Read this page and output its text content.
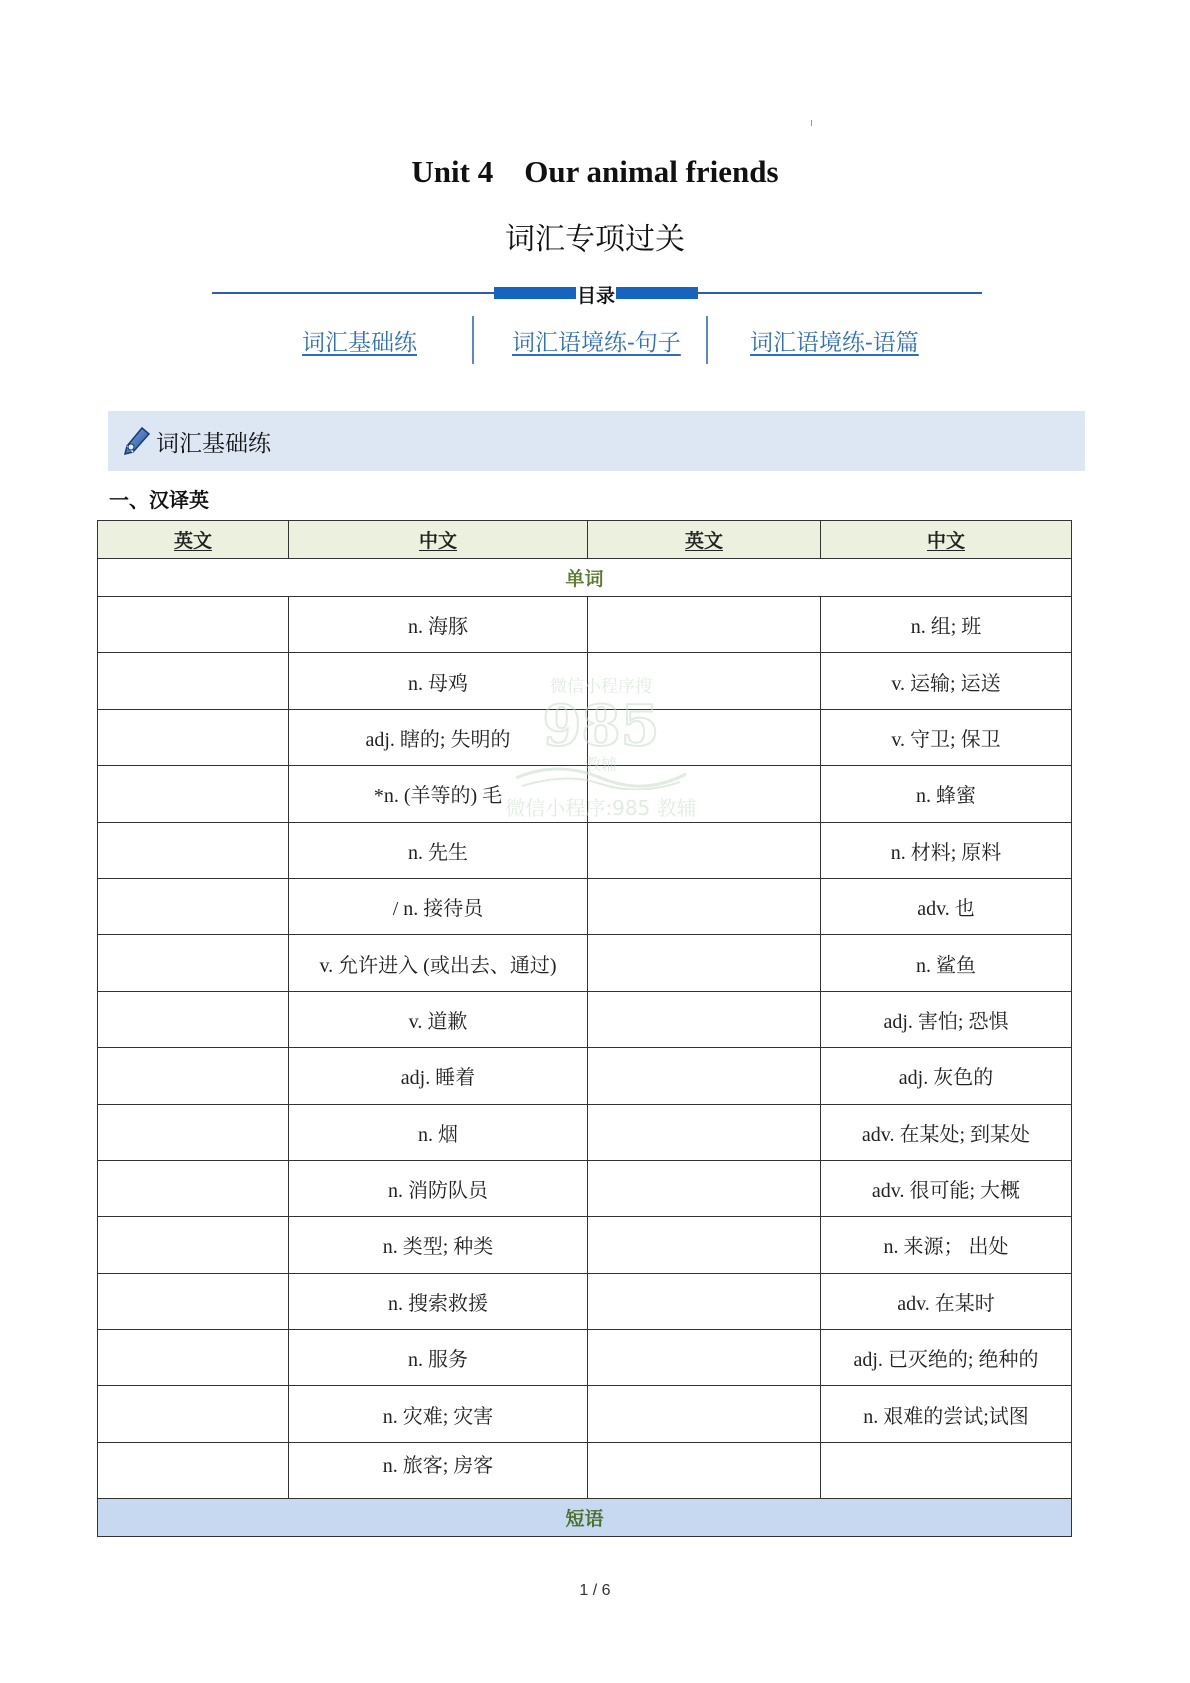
Unit 4    Our animal friends
词汇专项过关
目录
词汇基础练	词汇语境练-句子	词汇语境练-语篇
词汇基础练
一、汉译英
英文	中文	英文	中文
单词			
	n. 海豚		n. 组; 班
	n. 母鸡		v. 运输; 运送
	adj. 瞎的; 失明的		v. 守卫; 保卫
	*n. (羊等的) 毛		n. 蜂蜜
	n. 先生		n. 材料; 原料
	/ n. 接待员		adv. 也
	v. 允许进入 (或出去、通过)		n. 鲨鱼
	v. 道歉		adj. 害怕; 恐惧
	adj. 睡着		adj. 灰色的
	n. 烟		adv. 在某处; 到某处
	n. 消防队员		adv. 很可能; 大概
	n. 类型; 种类		n. 来源； 出处
	n. 搜索救援		adv. 在某时
	n. 服务		adj. 已灭绝的; 绝种的
	n. 灾难; 灾害		n. 艰难的尝试;试图
	n. 旅客; 房客		
短语			
微信小程序搜
985
教辅
微信小程序:985 教辅
1 / 6
